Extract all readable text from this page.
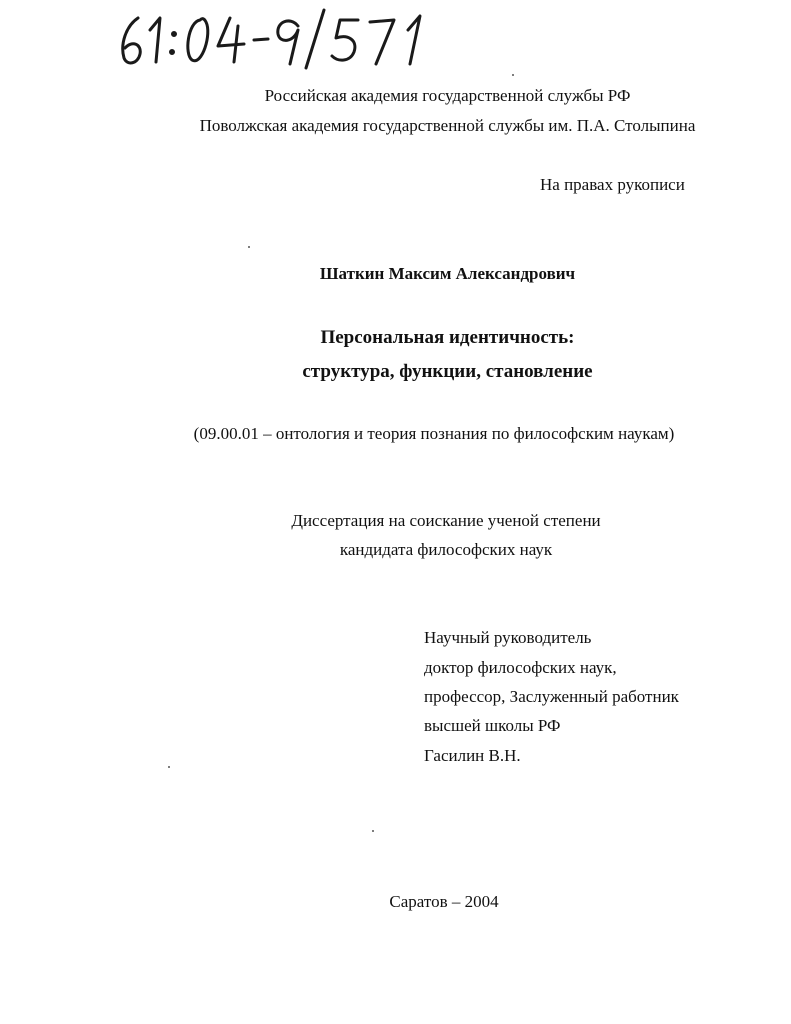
Российская академия государственной службы РФ
Поволжская академия государственной службы им. П.А. Столыпина
На правах рукописи
Шаткин Максим Александрович
Персональная идентичность:
структура, функции, становление
(09.00.01 – онтология и теория познания по философским наукам)
Диссертация на соискание ученой степени
кандидата философских наук
Научный руководитель
доктор философских наук,
профессор, Заслуженный работник
высшей школы РФ
Гасилин В.Н.
Саратов – 2004
